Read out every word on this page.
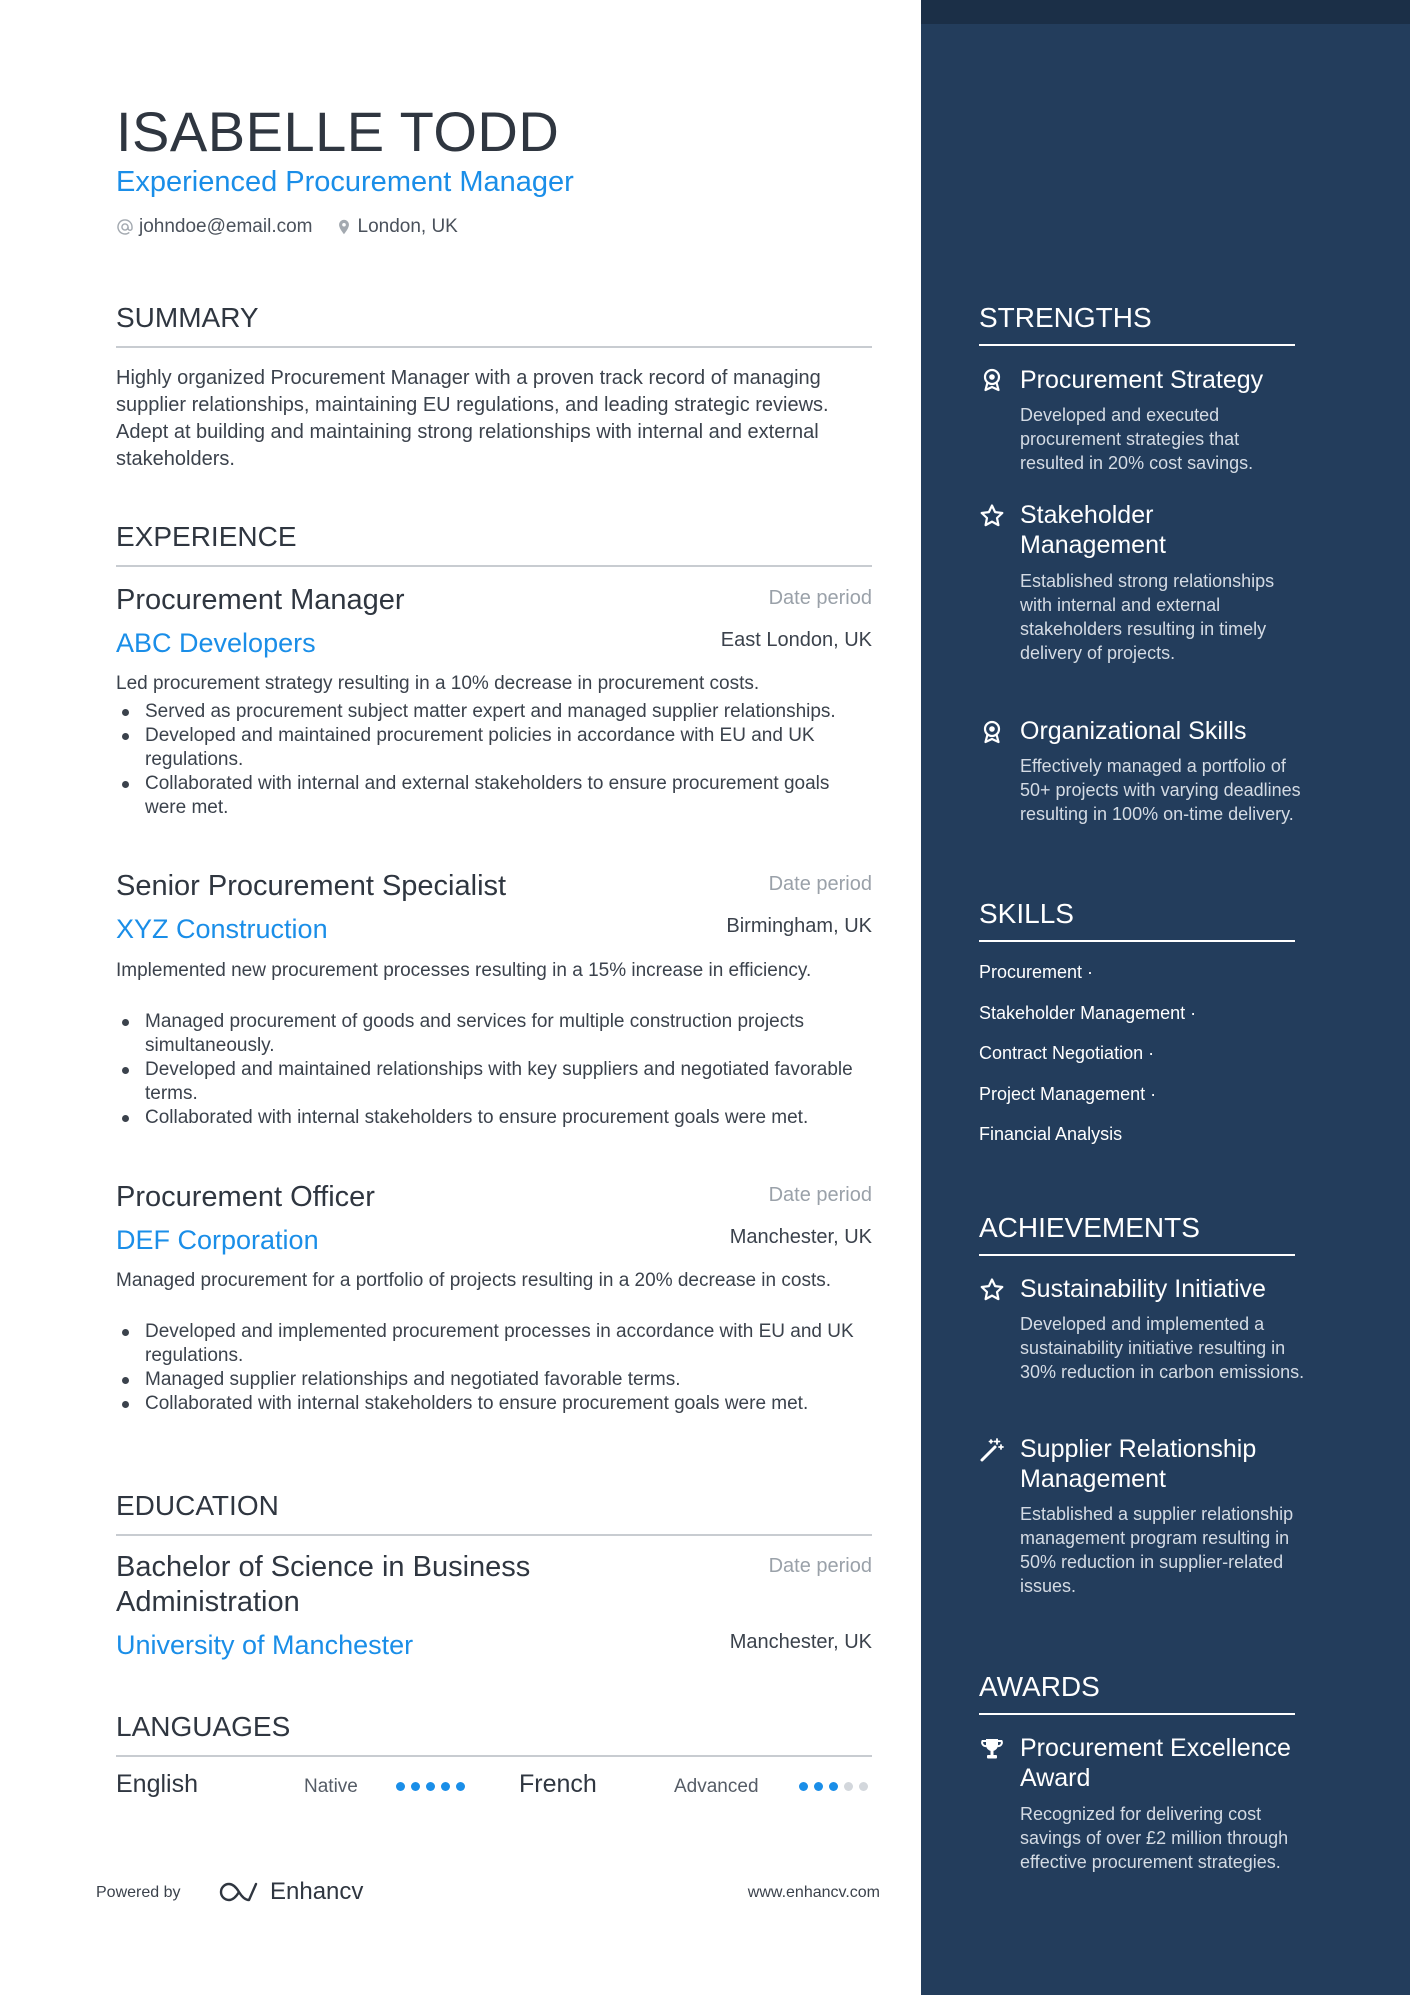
ISABELLE TODD
Experienced Procurement Manager
johndoe@email.com London, UK
SUMMARY
Highly organized Procurement Manager with a proven track record of managing supplier relationships, maintaining EU regulations, and leading strategic reviews. Adept at building and maintaining strong relationships with internal and external stakeholders.
EXPERIENCE
Procurement Manager	Date period
ABC Developers	East London, UK
Led procurement strategy resulting in a 10% decrease in procurement costs.
Served as procurement subject matter expert and managed supplier relationships.
Developed and maintained procurement policies in accordance with EU and UK regulations.
Collaborated with internal and external stakeholders to ensure procurement goals were met.
Senior Procurement Specialist	Date period
XYZ Construction	Birmingham, UK
Implemented new procurement processes resulting in a 15% increase in efficiency.
Managed procurement of goods and services for multiple construction projects simultaneously.
Developed and maintained relationships with key suppliers and negotiated favorable terms.
Collaborated with internal stakeholders to ensure procurement goals were met.
Procurement Officer	Date period
DEF Corporation	Manchester, UK
Managed procurement for a portfolio of projects resulting in a 20% decrease in costs.
Developed and implemented procurement processes in accordance with EU and UK regulations.
Managed supplier relationships and negotiated favorable terms.
Collaborated with internal stakeholders to ensure procurement goals were met.
EDUCATION
Bachelor of Science in Business Administration
Date period
University of Manchester	Manchester, UK
LANGUAGES
English	Native	French	Advanced
Powered by	Enhancv	www.enhancv.com
STRENGTHS
Procurement Strategy
Developed and executed procurement strategies that resulted in 20% cost savings.
Stakeholder Management
Established strong relationships with internal and external stakeholders resulting in timely delivery of projects.
Organizational Skills
Effectively managed a portfolio of 50+ projects with varying deadlines resulting in 100% on-time delivery.
SKILLS
Procurement ·
Stakeholder Management ·
Contract Negotiation ·
Project Management ·
Financial Analysis
ACHIEVEMENTS
Sustainability Initiative
Developed and implemented a sustainability initiative resulting in 30% reduction in carbon emissions.
Supplier Relationship Management
Established a supplier relationship management program resulting in 50% reduction in supplier-related issues.
AWARDS
Procurement Excellence Award
Recognized for delivering cost savings of over £2 million through effective procurement strategies.
